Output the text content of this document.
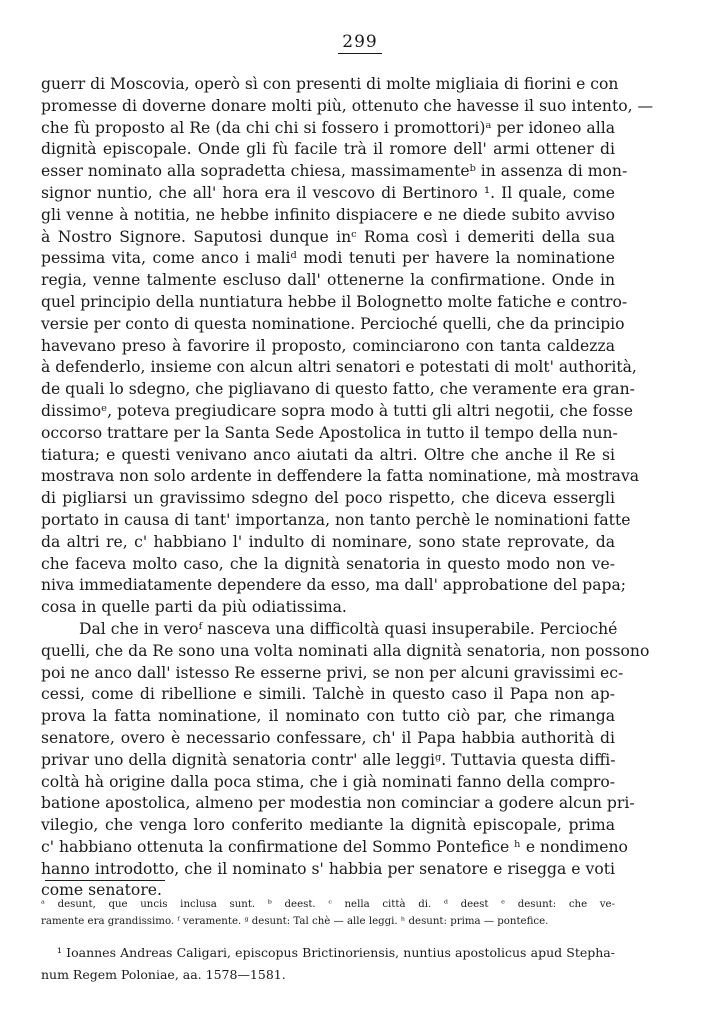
299
guerr di Moscovia, operò sì con presenti di molte migliaia di fiorini e con
promesse di doverne donare molti più, ottenuto che havesse il suo intento, —
che fù proposto al Re (da chi chi si fossero i promottori)ᵃ per idoneo alla
dignità episcopale. Onde gli fù facile trà il romore dell' armi ottener di
esser nominato alla sopradetta chiesa, massimamenteᵇ in assenza di mon-
signor nuntio, che all' hora era il vescovo di Bertinoro ¹. Il quale, come
gli venne à notitia, ne hebbe infinito dispiacere e ne diede subito avviso
à Nostro Signore. Saputosi dunque inᶜ Roma così i demeriti della sua
pessima vita, come anco i maliᵈ modi tenuti per havere la nominatione
regia, venne talmente escluso dall' ottenerne la confirmatione. Onde in
quel principio della nuntiatura hebbe il Bolognetto molte fatiche e contro-
versie per conto di questa nominatione. Percioché quelli, che da principio
havevano preso à favorire il proposto, cominciarono con tanta caldezza
à defenderlo, insieme con alcun altri senatori e potestati di molt' authorità,
de quali lo sdegno, che pigliavano di questo fatto, che veramente era gran-
dissimoᵉ, poteva pregiudicare sopra modo à tutti gli altri negotii, che fosse
occorso trattare per la Santa Sede Apostolica in tutto il tempo della nun-
tiatura; e questi venivano anco aiutati da altri. Oltre che anche il Re si
mostrava non solo ardente in deffendere la fatta nominatione, mà mostrava
di pigliarsi un gravissimo sdegno del poco rispetto, che diceva essergli
portato in causa di tant' importanza, non tanto perchè le nominationi fatte
da altri re, c' habbiano l' indulto di nominare, sono state reprovate, da
che faceva molto caso, che la dignità senatoria in questo modo non ve-
niva immediatamente dependere da esso, ma dall' approbatione del papa;
cosa in quelle parti da più odiatissima.
Dal che in veroᶠ nasceva una difficoltà quasi insuperabile. Percioché
quelli, che da Re sono una volta nominati alla dignità senatoria, non possono
poi ne anco dall' istesso Re esserne privi, se non per alcuni gravissimi ec-
cessi, come di ribellione e simili. Talchè in questo caso il Papa non ap-
prova la fatta nominatione, il nominato con tutto ciò par, che rimanga
senatore, overo è necessario confessare, ch' il Papa habbia authorità di
privar uno della dignità senatoria contr' alle leggiᵍ. Tuttavia questa diffi-
coltà hà origine dalla poca stima, che i già nominati fanno della compro-
batione apostolica, almeno per modestia non cominciar a godere alcun pri-
vilegio, che venga loro conferito mediante la dignità episcopale, prima
c' habbiano ottenuta la confirmatione del Sommo Pontefice ʰ e nondimeno
hanno introdotto, che il nominato s' habbia per senatore e risegga e voti
come senatore.
ᵃ desunt, que uncis inclusa sunt. ᵇ deest. ᶜ nella città di. ᵈ deest ᵉ desunt: che ve-
ramente era grandissimo. ᶠ veramente. ᵍ desunt: Tal chè — alle leggi. ʰ desunt: prima — pontefice.
¹ Ioannes Andreas Caligari, episcopus Brictinoriensis, nuntius apostolicus apud Stepha-
num Regem Poloniae, aa. 1578—1581.
